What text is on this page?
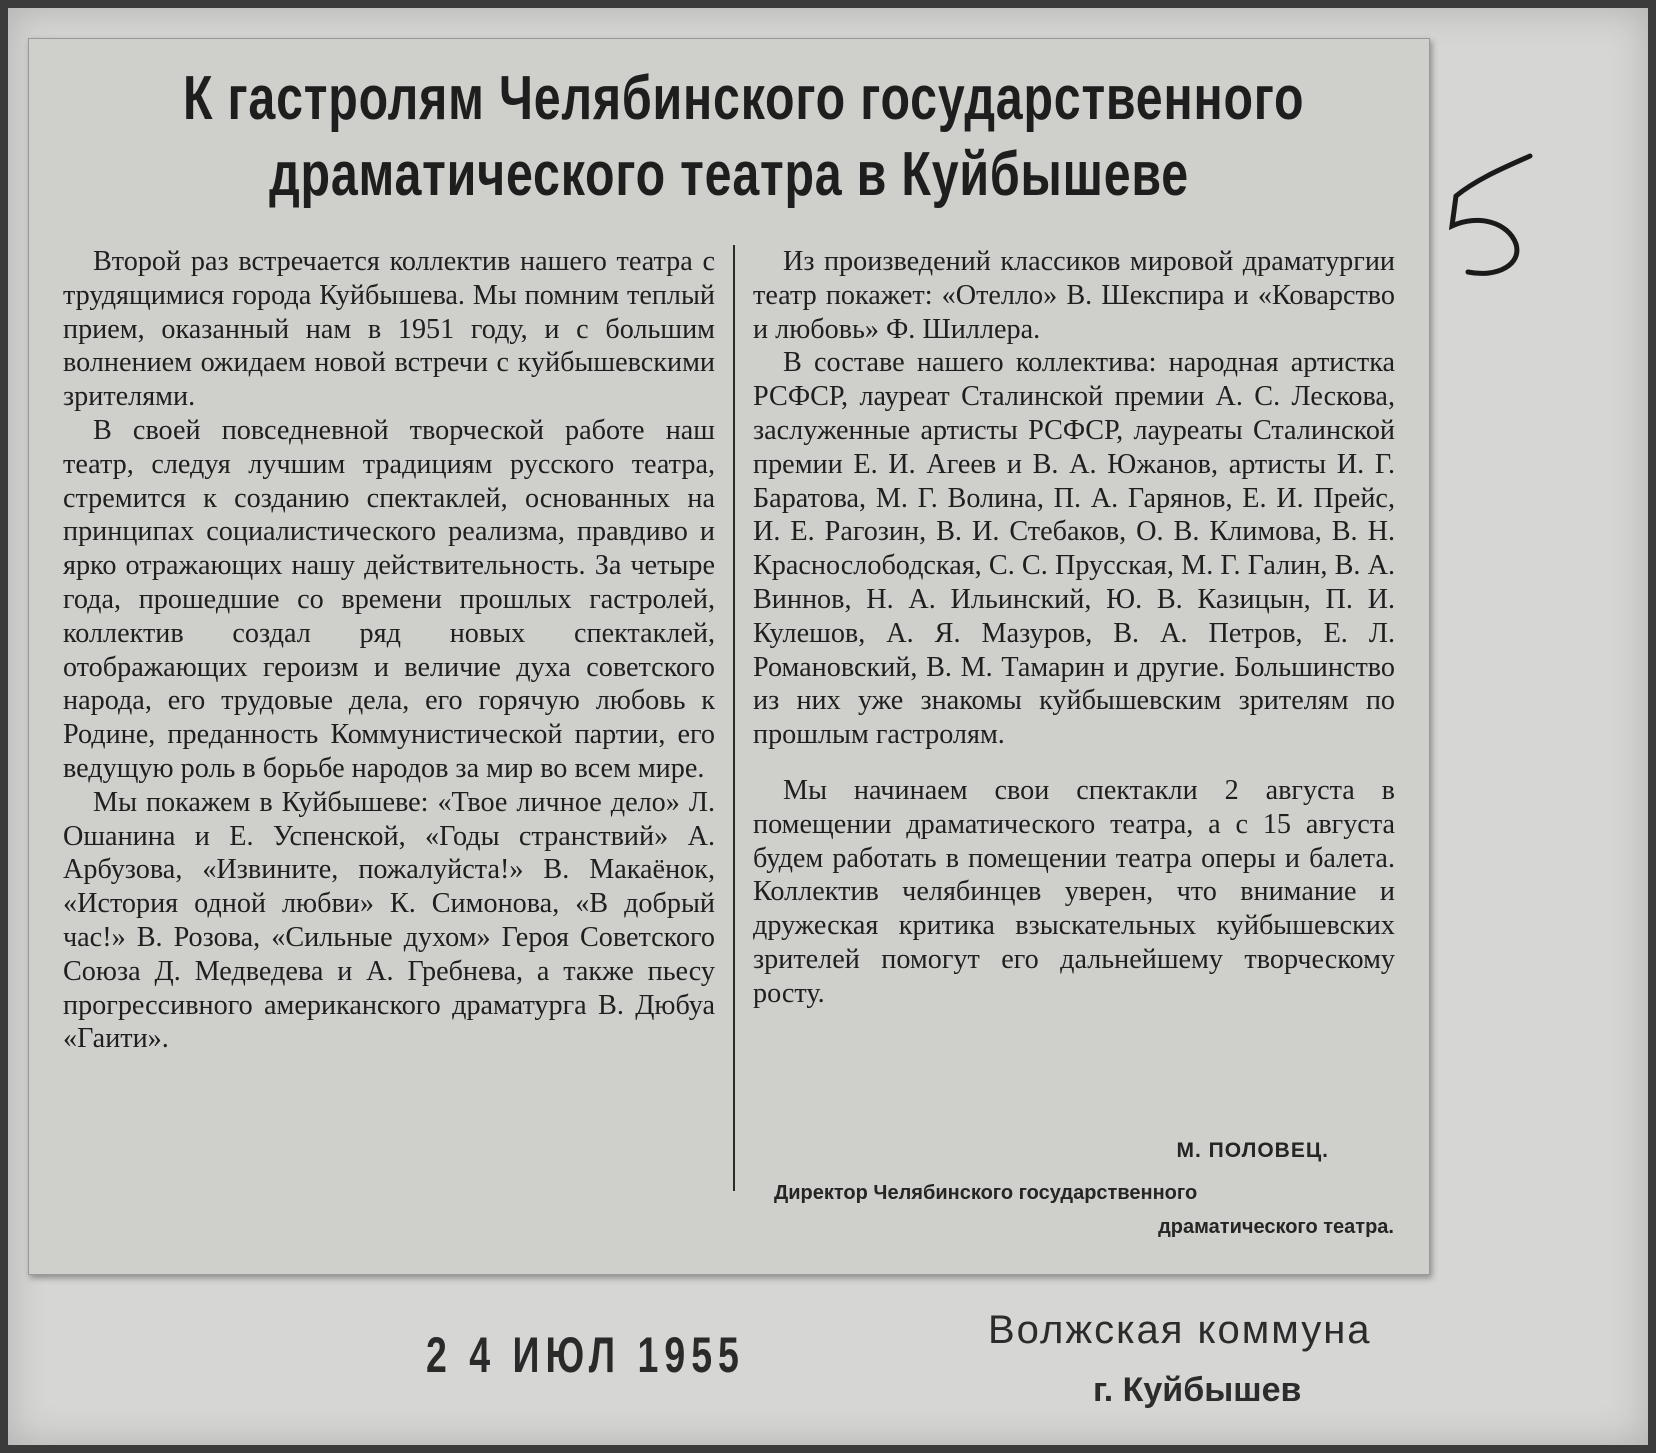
К гастролям Челябинского государственного
драматического театра в Куйбышеве

Второй раз встречается коллектив нашего театра с трудящимися города Куйбышева. Мы помним теплый прием, оказанный нам в 1951 году, и с большим волнением ожидаем новой встречи с куйбышевскими зрителями.

В своей повседневной творческой работе наш театр, следуя лучшим традициям русского театра, стремится к созданию спектаклей, основанных на принципах социалистического реализма, правдиво и ярко отражающих нашу действительность. За четыре года, прошедшие со времени прошлых гастролей, коллектив создал ряд новых спектаклей, отображающих героизм и величие духа советского народа, его трудовые дела, его горячую любовь к Родине, преданность Коммунистической партии, его ведущую роль в борьбе народов за мир во всем мире.

Мы покажем в Куйбышеве: «Твое личное дело» Л. Ошанина и Е. Успенской, «Годы странствий» А. Арбузова, «Извините, пожалуйста!» В. Макаёнок, «История одной любви» К. Симонова, «В добрый час!» В. Розова, «Сильные духом» Героя Советского Союза Д. Медведева и А. Гребнева, а также пьесу прогрессивного американского драматурга В. Дюбуа «Гаити».

Из произведений классиков мировой драматургии театр покажет: «Отелло» В. Шекспира и «Коварство и любовь» Ф. Шиллера.

В составе нашего коллектива: народная артистка РСФСР, лауреат Сталинской премии А. С. Лескова, заслуженные артисты РСФСР, лауреаты Сталинской премии Е. И. Агеев и В. А. Южанов, артисты И. Г. Баратова, М. Г. Волина, П. А. Гарянов, Е. И. Прейс, И. Е. Рагозин, В. И. Стебаков, О. В. Климова, В. Н. Краснослободская, С. С. Прусская, М. Г. Галин, В. А. Виннов, Н. А. Ильинский, Ю. В. Казицын, П. И. Кулешов, А. Я. Мазуров, В. А. Петров, Е. Л. Романовский, В. М. Тамарин и другие. Большинство из них уже знакомы куйбышевским зрителям по прошлым гастролям.

Мы начинаем свои спектакли 2 августа в помещении драматического театра, а с 15 августа будем работать в помещении театра оперы и балета. Коллектив челябинцев уверен, что внимание и дружеская критика взыскательных куйбышевских зрителей помогут его дальнейшему творческому росту.

М. ПОЛОВЕЦ.
Директор Челябинского государственного
драматического театра.
2 4 ИЮЛ 1955	Волжская коммуна
г. Куйбышев
